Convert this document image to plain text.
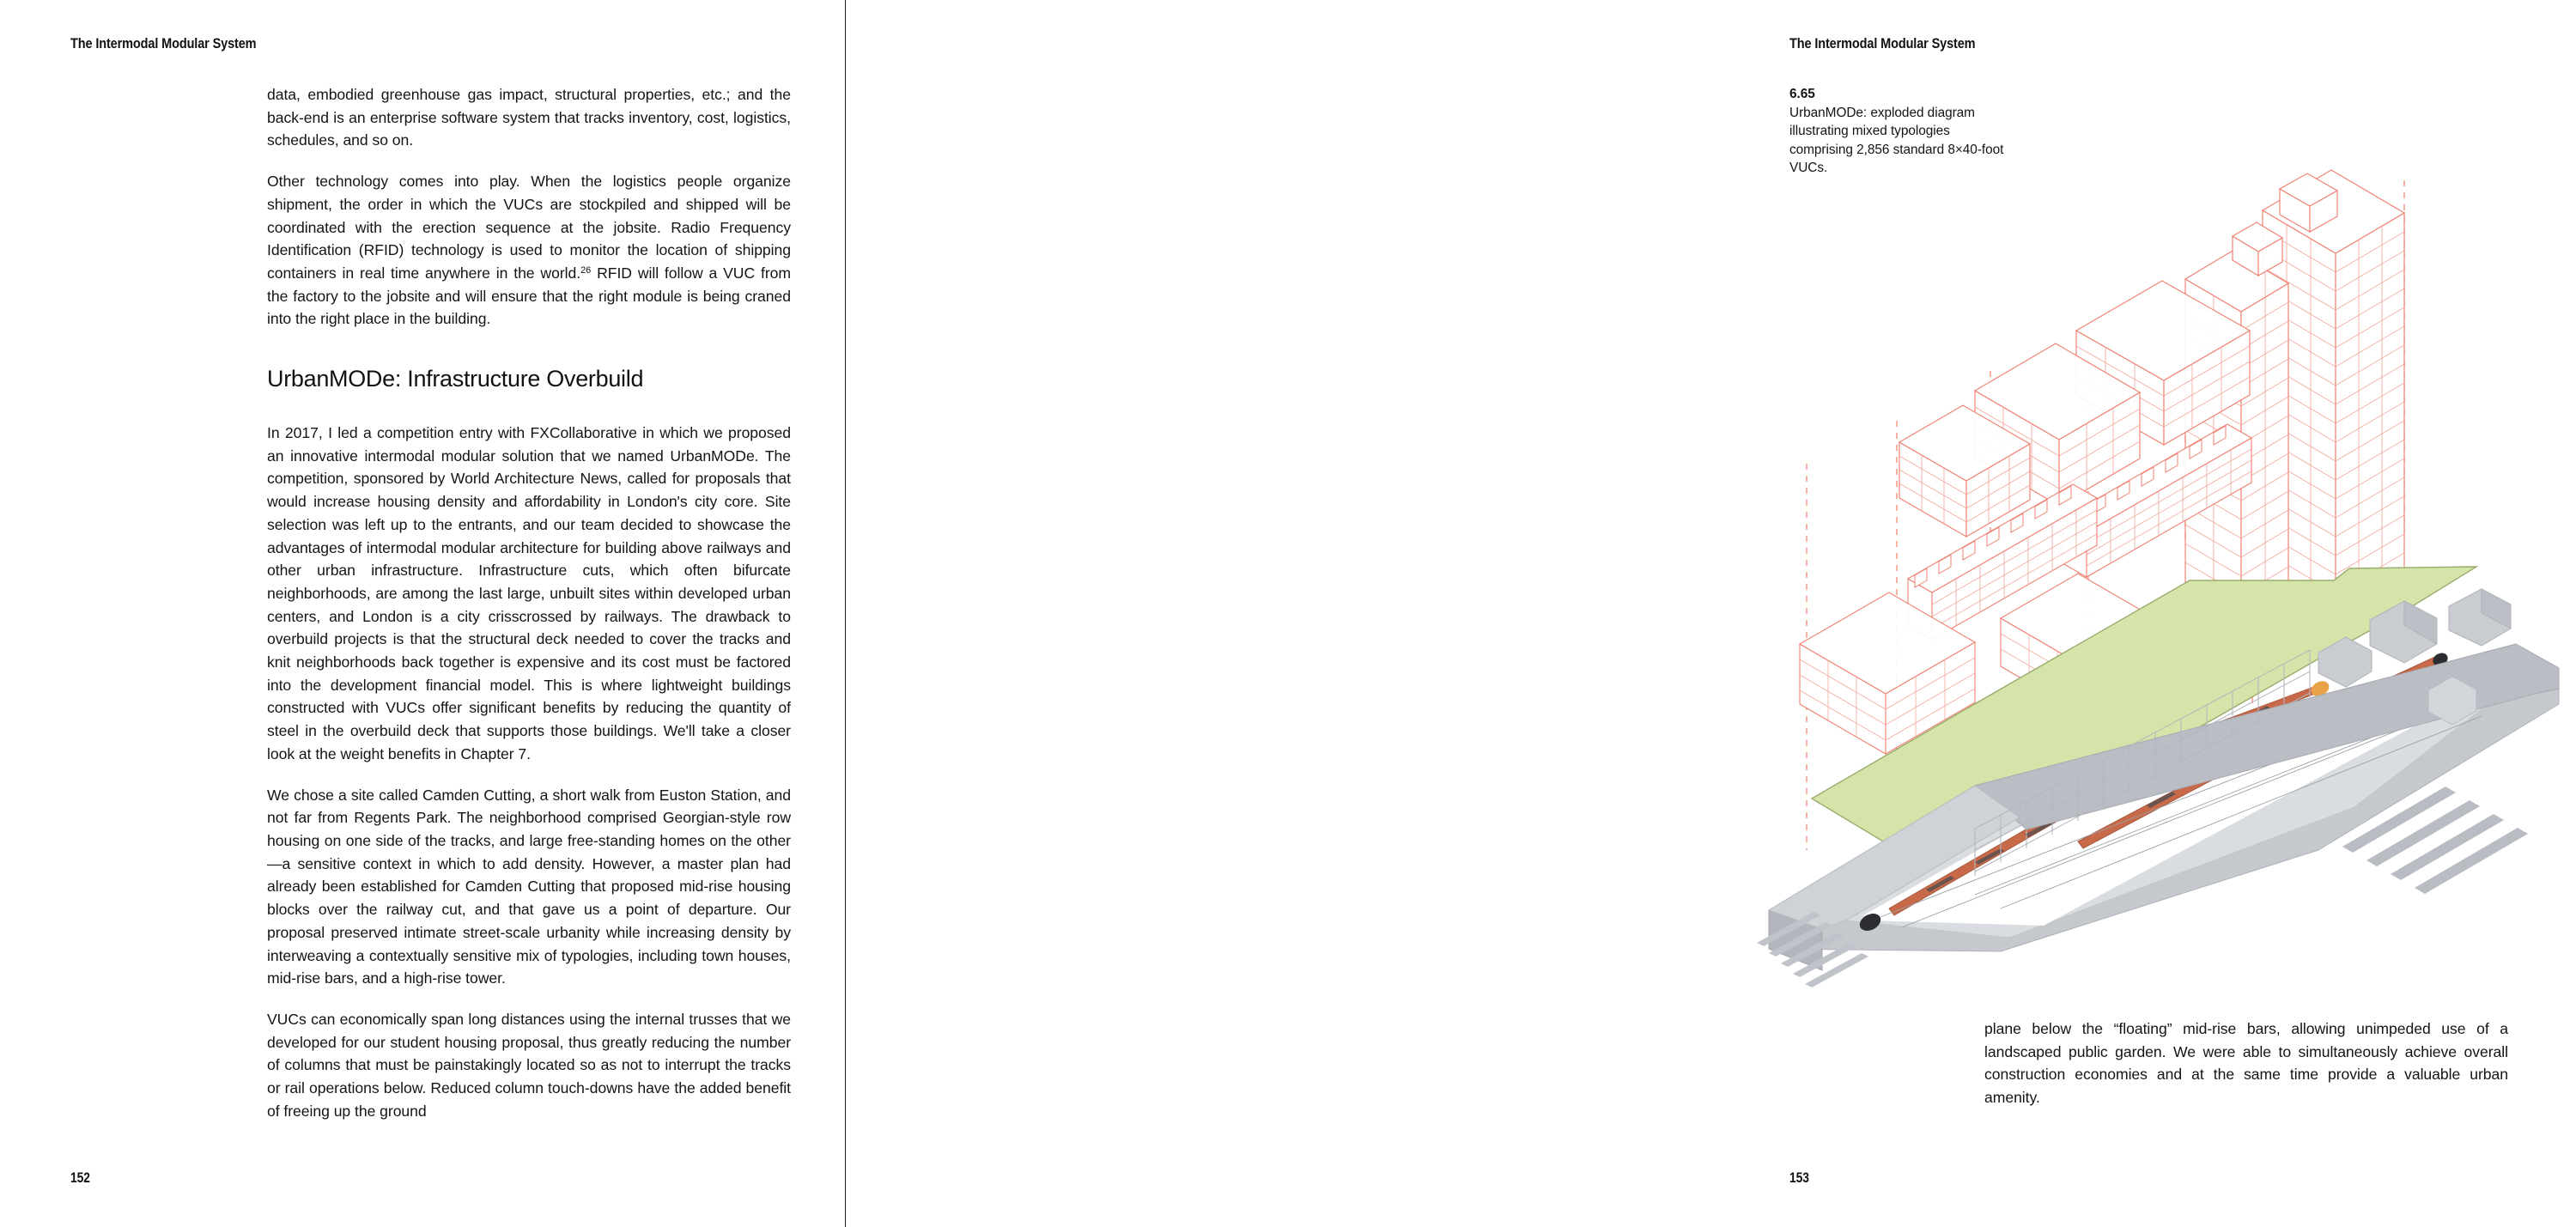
The Intermodal Modular System

data, embodied greenhouse gas impact, structural properties, etc.; and the back-end is an enterprise software system that tracks inventory, cost, logistics, schedules, and so on.

Other technology comes into play. When the logistics people organize shipment, the order in which the VUCs are stockpiled and shipped will be coordinated with the erection sequence at the jobsite. Radio Frequency Identification (RFID) technology is used to monitor the location of shipping containers in real time anywhere in the world.$^{26}$ RFID will follow a VUC from the factory to the jobsite and will ensure that the right module is being craned into the right place in the building.

UrbanMODe: Infrastructure Overbuild

In 2017, I led a competition entry with FXCollaborative in which we proposed an innovative intermodal modular solution that we named UrbanMODe. The competition, sponsored by World Architecture News, called for proposals that would increase housing density and affordability in London's city core. Site selection was left up to the entrants, and our team decided to showcase the advantages of intermodal modular architecture for building above railways and other urban infrastructure. Infrastructure cuts, which often bifurcate neighborhoods, are among the last large, unbuilt sites within developed urban centers, and London is a city crisscrossed by railways. The drawback to overbuild projects is that the structural deck needed to cover the tracks and knit neighborhoods back together is expensive and its cost must be factored into the development financial model. This is where lightweight buildings constructed with VUCs offer significant benefits by reducing the quantity of steel in the overbuild deck that supports those buildings. We'll take a closer look at the weight benefits in Chapter 7.

We chose a site called Camden Cutting, a short walk from Euston Station, and not far from Regents Park. The neighborhood comprised Georgian-style row housing on one side of the tracks, and large free-standing homes on the other—a sensitive context in which to add density. However, a master plan had already been established for Camden Cutting that proposed mid-rise housing blocks over the railway cut, and that gave us a point of departure. Our proposal preserved intimate street-scale urbanity while increasing density by interweaving a contextually sensitive mix of typologies, including town houses, mid-rise bars, and a high-rise tower.

VUCs can economically span long distances using the internal trusses that we developed for our student housing proposal, thus greatly reducing the number of columns that must be painstakingly located so as not to interrupt the tracks or rail operations below. Reduced column touch-downs have the added benefit of freeing up the ground

152
The Intermodal Modular System
6.65
UrbanMODe: exploded diagram illustrating mixed typologies comprising 2,856 standard 8×40-foot VUCs.

plane below the “floating” mid-rise bars, allowing unimpeded use of a landscaped public garden. We were able to simultaneously achieve overall construction economies and at the same time provide a valuable urban amenity.

153
